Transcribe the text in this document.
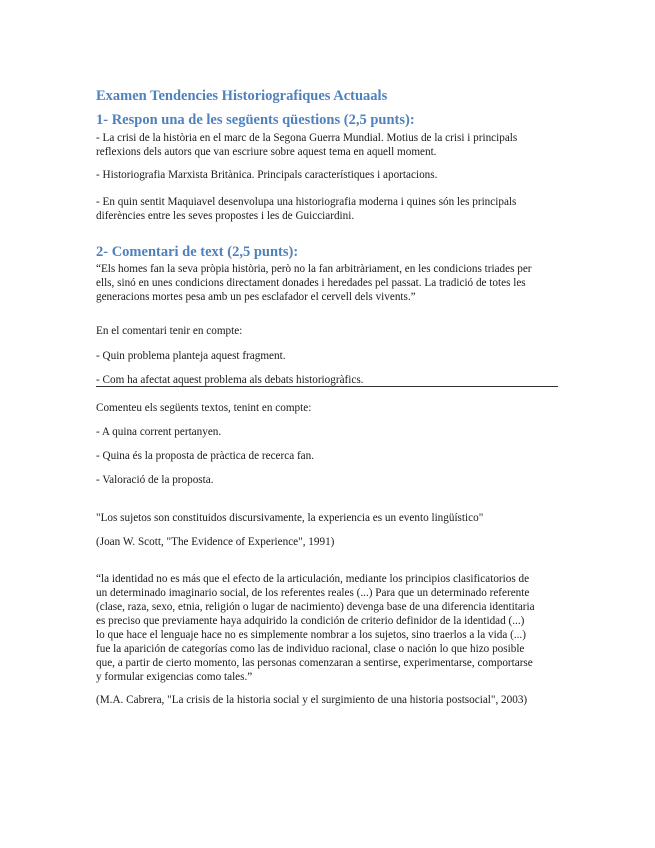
Examen Tendencies Historiografiques Actuaals
1- Respon una de les següents qüestions (2,5 punts):
- La crisi de la història en el marc de la Segona Guerra Mundial. Motius de la crisi i principals
reflexions dels autors que van escriure sobre aquest tema en aquell moment.
- Historiografia Marxista Britànica. Principals característiques i aportacions.
- En quin sentit Maquiavel desenvolupa una historiografia moderna i quines són les principals
diferències entre les seves propostes i les de Guicciardini.
2- Comentari de text (2,5 punts):
“Els homes fan la seva pròpia història, però no la fan arbitràriament, en les condicions triades per
ells, sinó en unes condicions directament donades i heredades pel passat. La tradició de totes les
generacions mortes pesa amb un pes esclafador el cervell dels vivents.”
En el comentari tenir en compte:
- Quin problema planteja aquest fragment.
- Com ha afectat aquest problema als debats historiogràfics.
Comenteu els següents textos, tenint en compte:
- A quina corrent pertanyen.
- Quina és la proposta de pràctica de recerca fan.
- Valoració de la proposta.
"Los sujetos son constituidos discursivamente, la experiencia es un evento lingüístico"
(Joan W. Scott, "The Evidence of Experience", 1991)
“la identidad no es más que el efecto de la articulación, mediante los principios clasificatorios de
un determinado imaginario social, de los referentes reales (...) Para que un determinado referente
(clase, raza, sexo, etnia, religión o lugar de nacimiento) devenga base de una diferencia identitaria
es preciso que previamente haya adquirido la condición de criterio definidor de la identidad (...)
lo que hace el lenguaje hace no es simplemente nombrar a los sujetos, sino traerlos a la vida (...)
fue la aparición de categorías como las de individuo racional, clase o nación lo que hizo posible
que, a partir de cierto momento, las personas comenzaran a sentirse, experimentarse, comportarse
y formular exigencias como tales.”
(M.A. Cabrera, "La crisis de la historia social y el surgimiento de una historia postsocial", 2003)
